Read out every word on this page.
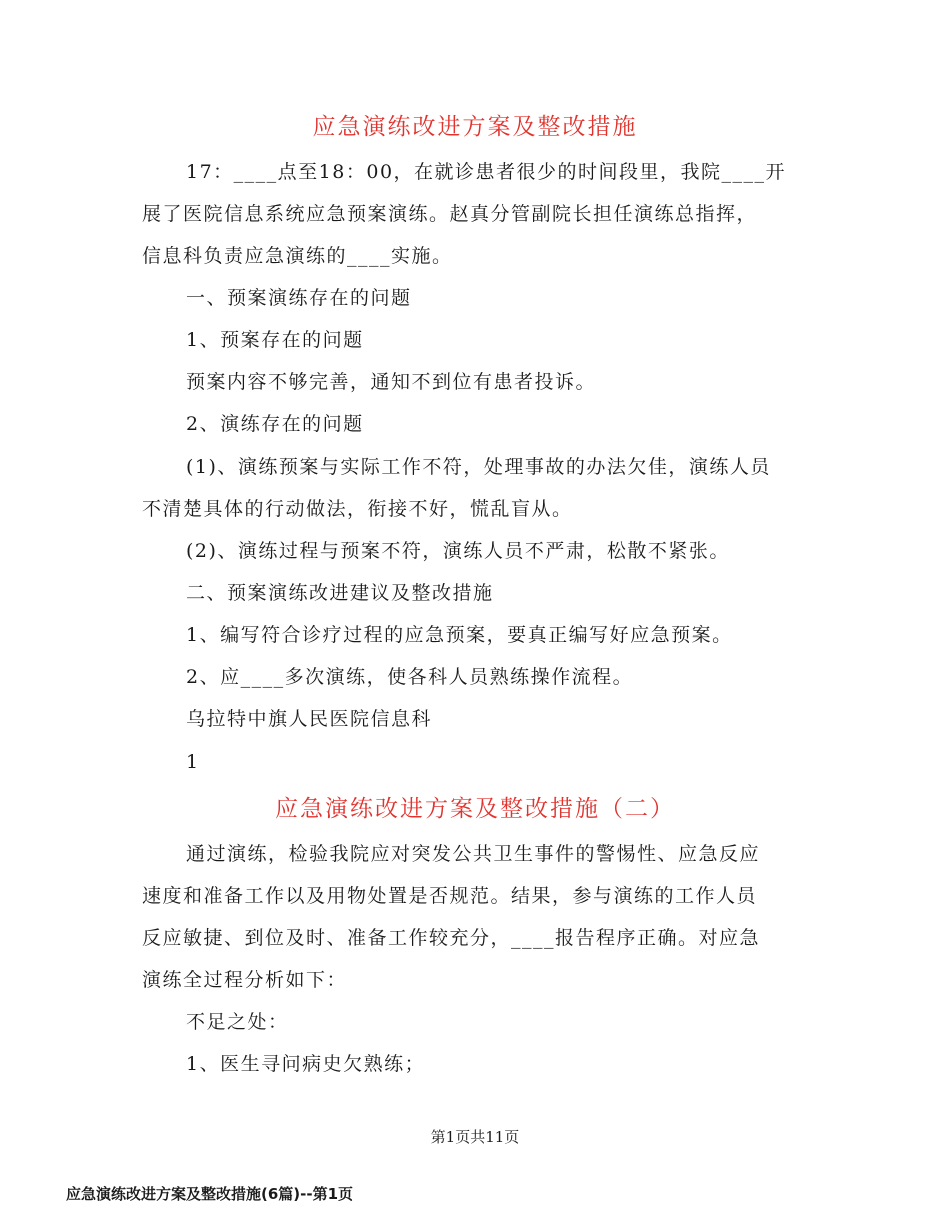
应急演练改进方案及整改措施

17：____点至18：00，在就诊患者很少的时间段里，我院____开

展了医院信息系统应急预案演练。赵真分管副院长担任演练总指挥，

信息科负责应急演练的____实施。

一、预案演练存在的问题

1、预案存在的问题

预案内容不够完善，通知不到位有患者投诉。

2、演练存在的问题

(1)、演练预案与实际工作不符，处理事故的办法欠佳，演练人员

不清楚具体的行动做法，衔接不好，慌乱盲从。

(2)、演练过程与预案不符，演练人员不严肃，松散不紧张。

二、预案演练改进建议及整改措施

1、编写符合诊疗过程的应急预案，要真正编写好应急预案。

2、应____多次演练，使各科人员熟练操作流程。

乌拉特中旗人民医院信息科

1

应急演练改进方案及整改措施（二）

通过演练，检验我院应对突发公共卫生事件的警惕性、应急反应

速度和准备工作以及用物处置是否规范。结果，参与演练的工作人员

反应敏捷、到位及时、准备工作较充分，____报告程序正确。对应急

演练全过程分析如下：

不足之处：

1、医生寻问病史欠熟练；

第1页共11页

应急演练改进方案及整改措施(6篇)--第1页
